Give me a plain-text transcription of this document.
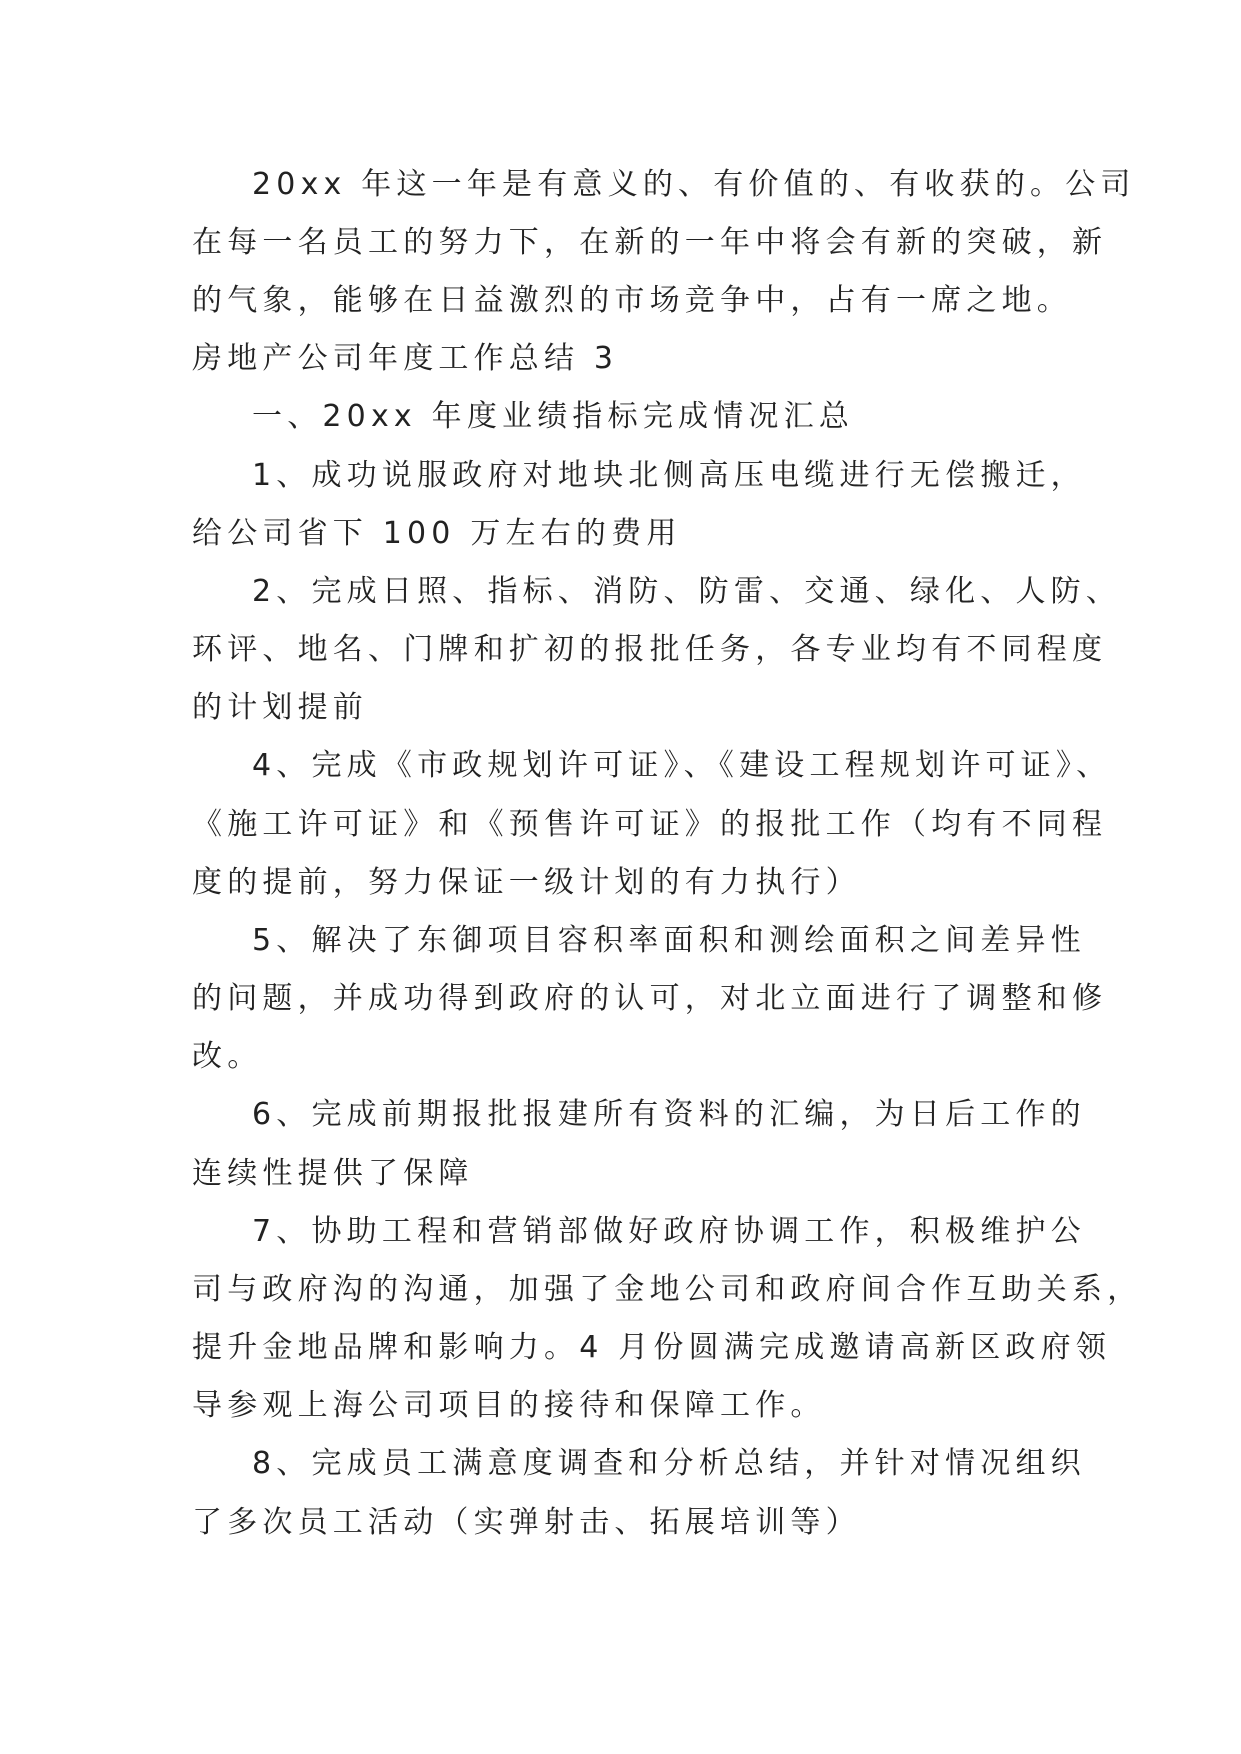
20xx 年这一年是有意义的、有价值的、有收获的。公司
在每一名员工的努力下，在新的一年中将会有新的突破，新
的气象，能够在日益激烈的市场竞争中，占有一席之地。
房地产公司年度工作总结 3
一、20xx 年度业绩指标完成情况汇总
1、成功说服政府对地块北侧高压电缆进行无偿搬迁，
给公司省下 100 万左右的费用
2、完成日照、指标、消防、防雷、交通、绿化、人防、
环评、地名、门牌和扩初的报批任务，各专业均有不同程度
的计划提前
4、完成《市政规划许可证》、《建设工程规划许可证》、
《施工许可证》和《预售许可证》的报批工作（均有不同程
度的提前，努力保证一级计划的有力执行）
5、解决了东御项目容积率面积和测绘面积之间差异性
的问题，并成功得到政府的认可，对北立面进行了调整和修
改。
6、完成前期报批报建所有资料的汇编，为日后工作的
连续性提供了保障
7、协助工程和营销部做好政府协调工作，积极维护公
司与政府沟的沟通，加强了金地公司和政府间合作互助关系，
提升金地品牌和影响力。4 月份圆满完成邀请高新区政府领
导参观上海公司项目的接待和保障工作。
8、完成员工满意度调查和分析总结，并针对情况组织
了多次员工活动（实弹射击、拓展培训等）
